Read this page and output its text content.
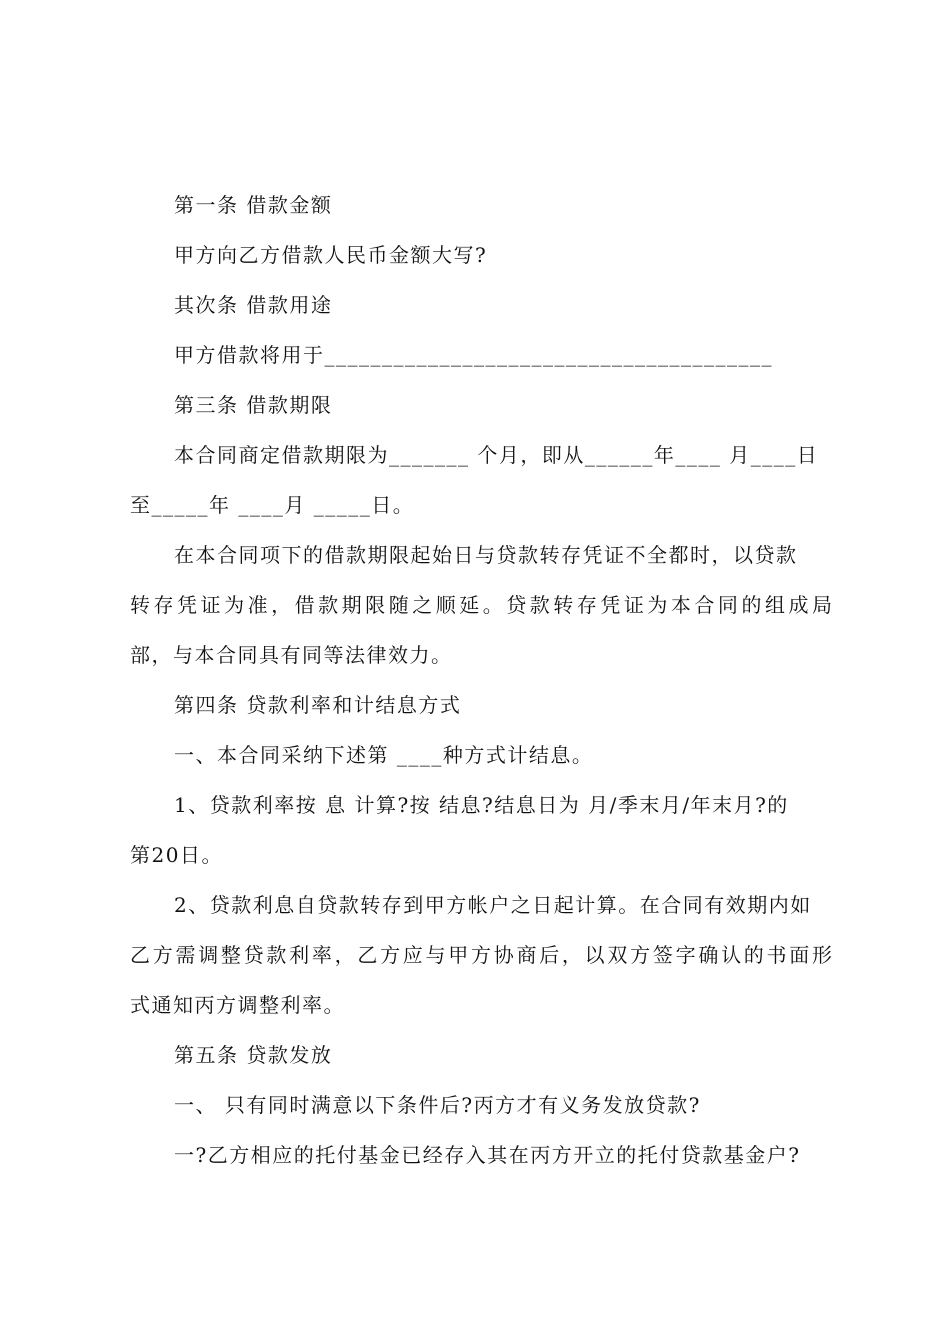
第一条 借款金额
甲方向乙方借款人民币金额大写?
其次条 借款用途
甲方借款将用于_______________________________________
第三条 借款期限
本合同商定借款期限为_______ 个月，即从______年____ 月____日
至_____年 ____月 _____日。
在本合同项下的借款期限起始日与贷款转存凭证不全都时，以贷款
转存凭证为准，借款期限随之顺延。贷款转存凭证为本合同的组成局
部，与本合同具有同等法律效力。
第四条 贷款利率和计结息方式
一、本合同采纳下述第 ____种方式计结息。
1、贷款利率按 息 计算?按 结息?结息日为 月/季末月/年末月?的
第20日。
2、贷款利息自贷款转存到甲方帐户之日起计算。在合同有效期内如
乙方需调整贷款利率，乙方应与甲方协商后，以双方签字确认的书面形
式通知丙方调整利率。
第五条 贷款发放
一、 只有同时满意以下条件后?丙方才有义务发放贷款?
一?乙方相应的托付基金已经存入其在丙方开立的托付贷款基金户?
